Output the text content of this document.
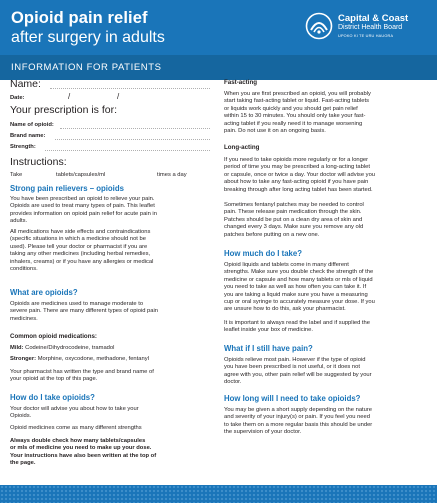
Opioid pain relief
after surgery in adults
INFORMATION FOR PATIENTS
Capital & Coast
District Health Board
UPOKO KI TE URU HAUORA
Name:
Date:	/	/
Your prescription is for:
Name of opioid:
Brand name:
Strength:
Instructions:
Take	tablets/capsules/ml	times a day
Strong pain relievers – opioids
You have been prescribed an opioid to relieve your pain.
Opioids are used to treat many types of pain. This leaflet
provides information on opioid pain relief for acute pain in
adults.
All medications have side effects and contraindications
(specific situations in which a medicine should not be
used). Please tell your doctor or pharmacist if you are
taking any other medicines (including herbal remedies,
inhalers, creams) or if you have any allergies or medical
conditions.
What are opioids?
Opioids are medicines used to manage moderate to
severe pain. There are many different types of opioid pain
medicines.
Common opioid medications:
Mild: Codeine/Dihydrocodeine, tramadol
Stronger: Morphine, oxycodone, methadone, fentanyl
Your pharmacist has written the type and brand name of
your opioid at the top of this page.
How do I take opioids?
Your doctor will advise you about how to take your
Opioids.
Opioid medicines come as many different strengths
Always double check how many tablets/capsules
or mls of medicine you need to make up your dose.
Your instructions have also been written at the top of
the page.
Fast-acting
When you are first prescribed an opioid, you will probably
start taking fast-acting tablet or liquid. Fast-acting tablets
or liquids work quickly and you should get pain relief
within 15 to 30 minutes. You should only take your fast-
acting tablet if you really need it to manage worsening
pain. Do not use it on an ongoing basis.
Long-acting
If you need to take opioids more regularly or for a longer
period of time you may be prescribed a long-acting tablet
or capsule, once or twice a day. Your doctor will advise you
about how to take any fast-acting opioid if you have pain
breaking through after long acting tablet has been started.
Sometimes fentanyl patches may be needed to control
pain. These release pain medication through the skin.
Patches should be put on a clean dry area of skin and
changed every 3 days. Make sure you remove any old
patches before putting on a new one.
How much do I take?
Opioid liquids and tablets come in many different
strengths. Make sure you double check the strength of the
medicine or capsule and how many tablets or mls of liquid
you need to take as well as how often you can take it. If
you are taking a liquid make sure you have a measuring
cup or oral syringe to accurately measure your dose. If you
are unsure how to do this, ask your pharmacist.
It is important to always read the label and if supplied the
leaflet inside your box of medicine.
What if I still have pain?
Opioids relieve most pain. However if the type of opioid
you have been prescribed is not useful, or it does not
agree with you, other pain relief will be suggested by your
doctor.
How long will I need to take opioids?
You may be given a short supply depending on the nature
and severity of your injury(s) or pain. If you feel you need
to take them on a more regular basis this should be under
the supervision of your doctor.
